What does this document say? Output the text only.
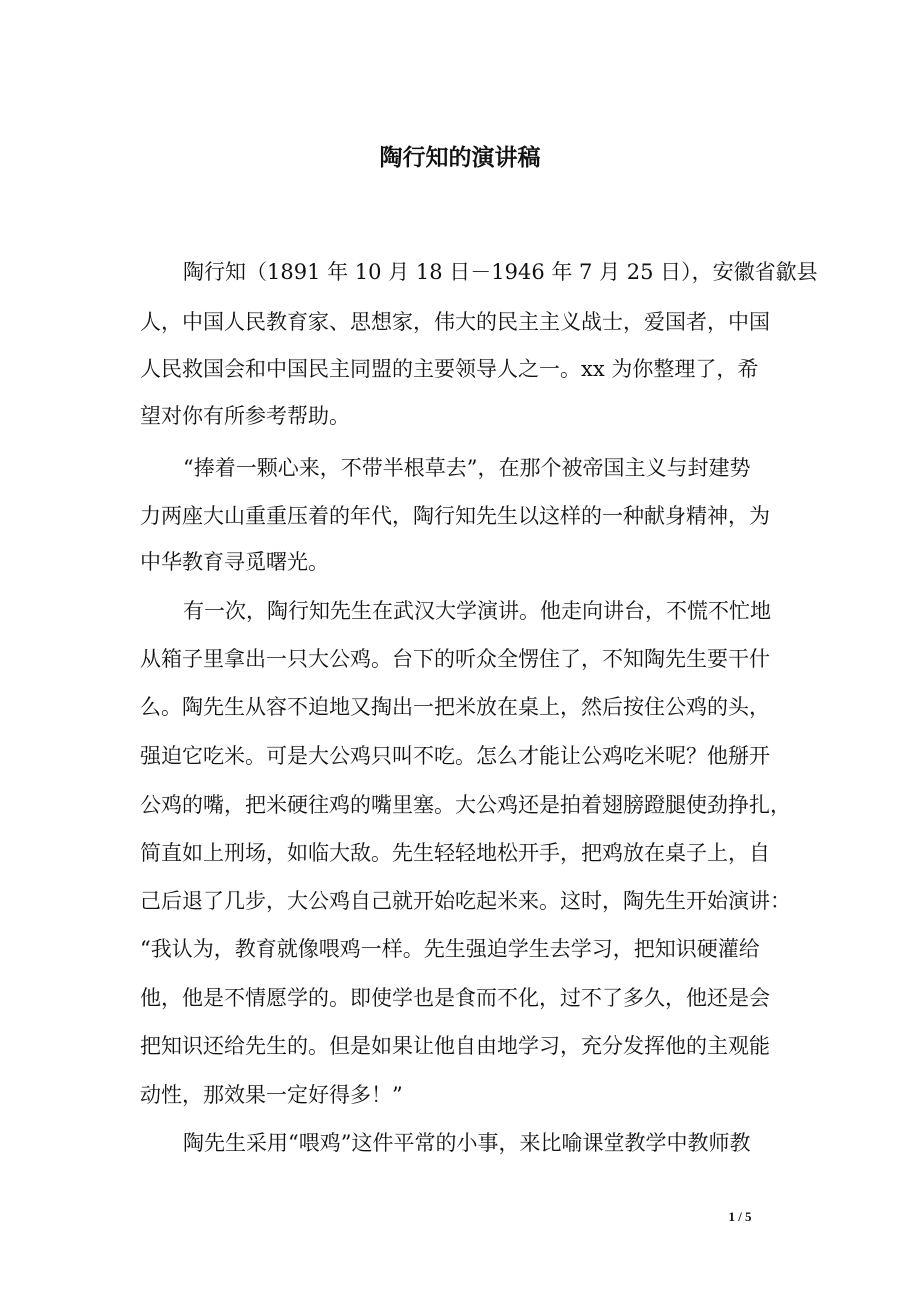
陶行知的演讲稿
陶行知（1891 年 10 月 18 日－1946 年 7 月 25 日），安徽省歙县
人，中国人民教育家、思想家，伟大的民主主义战士，爱国者，中国
人民救国会和中国民主同盟的主要领导人之一。xx 为你整理了，希
望对你有所参考帮助。
“捧着一颗心来，不带半根草去”，在那个被帝国主义与封建势
力两座大山重重压着的年代，陶行知先生以这样的一种献身精神，为
中华教育寻觅曙光。
有一次，陶行知先生在武汉大学演讲。他走向讲台，不慌不忙地
从箱子里拿出一只大公鸡。台下的听众全愣住了，不知陶先生要干什
么。陶先生从容不迫地又掏出一把米放在桌上，然后按住公鸡的头，
强迫它吃米。可是大公鸡只叫不吃。怎么才能让公鸡吃米呢？他掰开
公鸡的嘴，把米硬往鸡的嘴里塞。大公鸡还是拍着翅膀蹬腿使劲挣扎，
简直如上刑场，如临大敌。先生轻轻地松开手，把鸡放在桌子上，自
己后退了几步，大公鸡自己就开始吃起米来。这时，陶先生开始演讲：
“我认为，教育就像喂鸡一样。先生强迫学生去学习，把知识硬灌给
他，他是不情愿学的。即使学也是食而不化，过不了多久，他还是会
把知识还给先生的。但是如果让他自由地学习，充分发挥他的主观能
动性，那效果一定好得多！”
陶先生采用“喂鸡”这件平常的小事，来比喻课堂教学中教师教
1 / 5
